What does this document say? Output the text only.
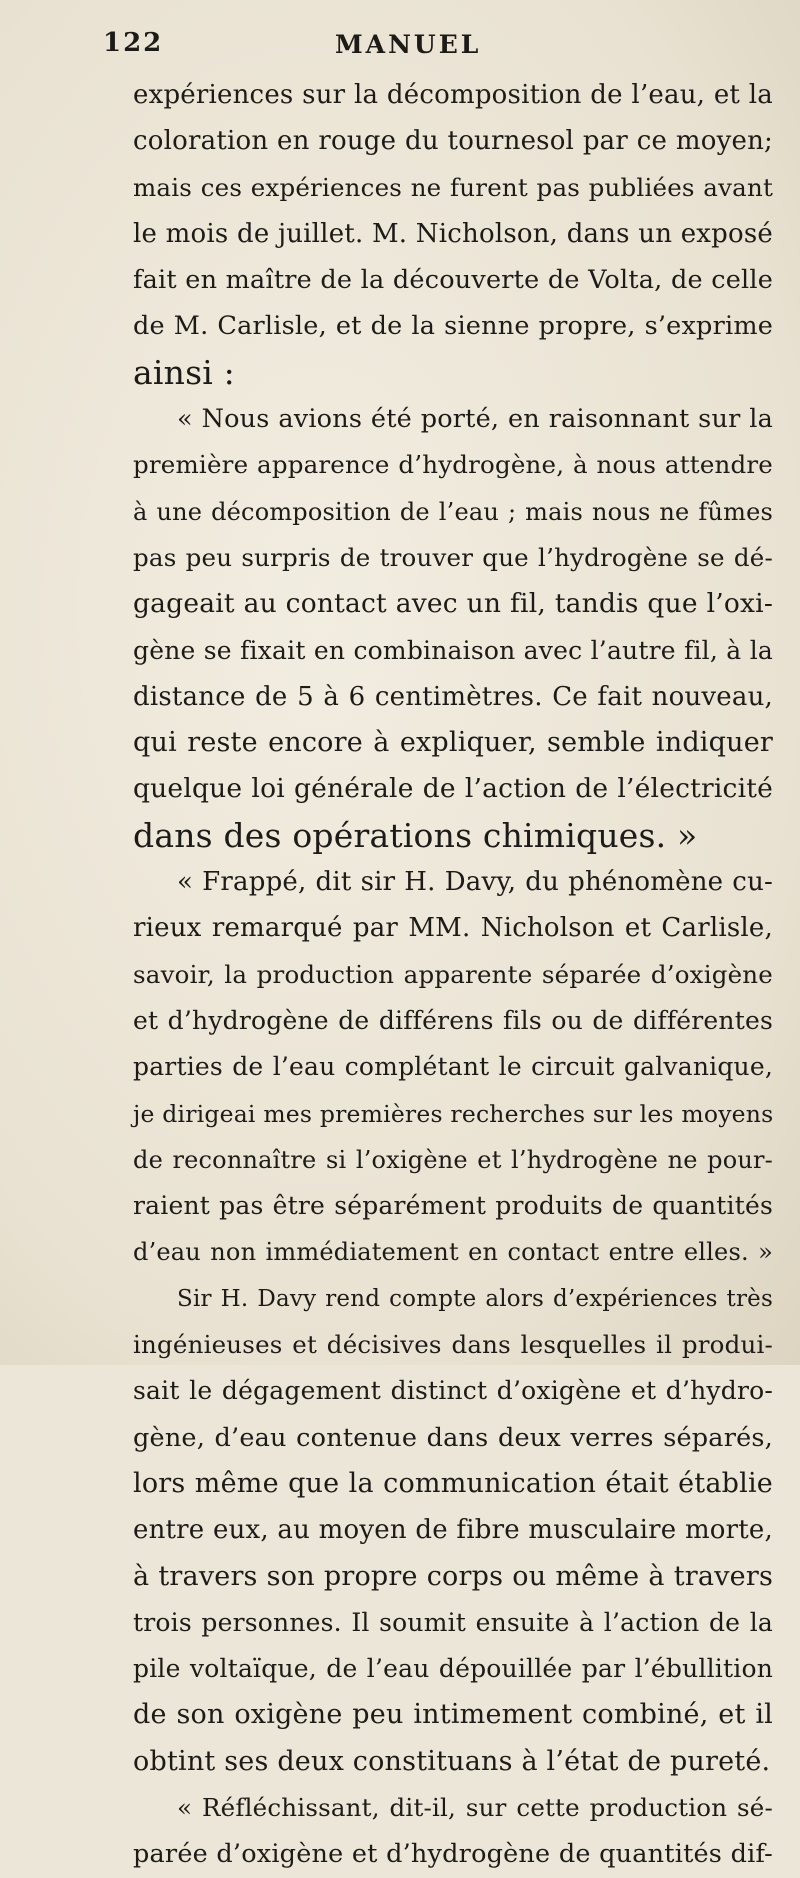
122	MANUEL
expériences sur la décomposition de l’eau, et la
coloration en rouge du tournesol par ce moyen;
mais ces expériences ne furent pas publiées avant
le mois de juillet. M. Nicholson, dans un exposé
fait en maître de la découverte de Volta, de celle
de M. Carlisle, et de la sienne propre, s’exprime
ainsi :
« Nous avions été porté, en raisonnant sur la
première apparence d’hydrogène, à nous attendre
à une décomposition de l’eau ; mais nous ne fûmes
pas peu surpris de trouver que l’hydrogène se dé-
gageait au contact avec un fil, tandis que l’oxi-
gène se fixait en combinaison avec l’autre fil, à la
distance de 5 à 6 centimètres. Ce fait nouveau,
qui reste encore à expliquer, semble indiquer
quelque loi générale de l’action de l’électricité
dans des opérations chimiques. »
« Frappé, dit sir H. Davy, du phénomène cu-
rieux remarqué par MM. Nicholson et Carlisle,
savoir, la production apparente séparée d’oxigène
et d’hydrogène de différens fils ou de différentes
parties de l’eau complétant le circuit galvanique,
je dirigeai mes premières recherches sur les moyens
de reconnaître si l’oxigène et l’hydrogène ne pour-
raient pas être séparément produits de quantités
d’eau non immédiatement en contact entre elles. »
Sir H. Davy rend compte alors d’expériences très
ingénieuses et décisives dans lesquelles il produi-
sait le dégagement distinct d’oxigène et d’hydro-
gène, d’eau contenue dans deux verres séparés,
lors même que la communication était établie
entre eux, au moyen de fibre musculaire morte,
à travers son propre corps ou même à travers
trois personnes. Il soumit ensuite à l’action de la
pile voltaïque, de l’eau dépouillée par l’ébullition
de son oxigène peu intimement combiné, et il
obtint ses deux constituans à l’état de pureté.
« Réfléchissant, dit-il, sur cette production sé-
parée d’oxigène et d’hydrogène de quantités dif-
